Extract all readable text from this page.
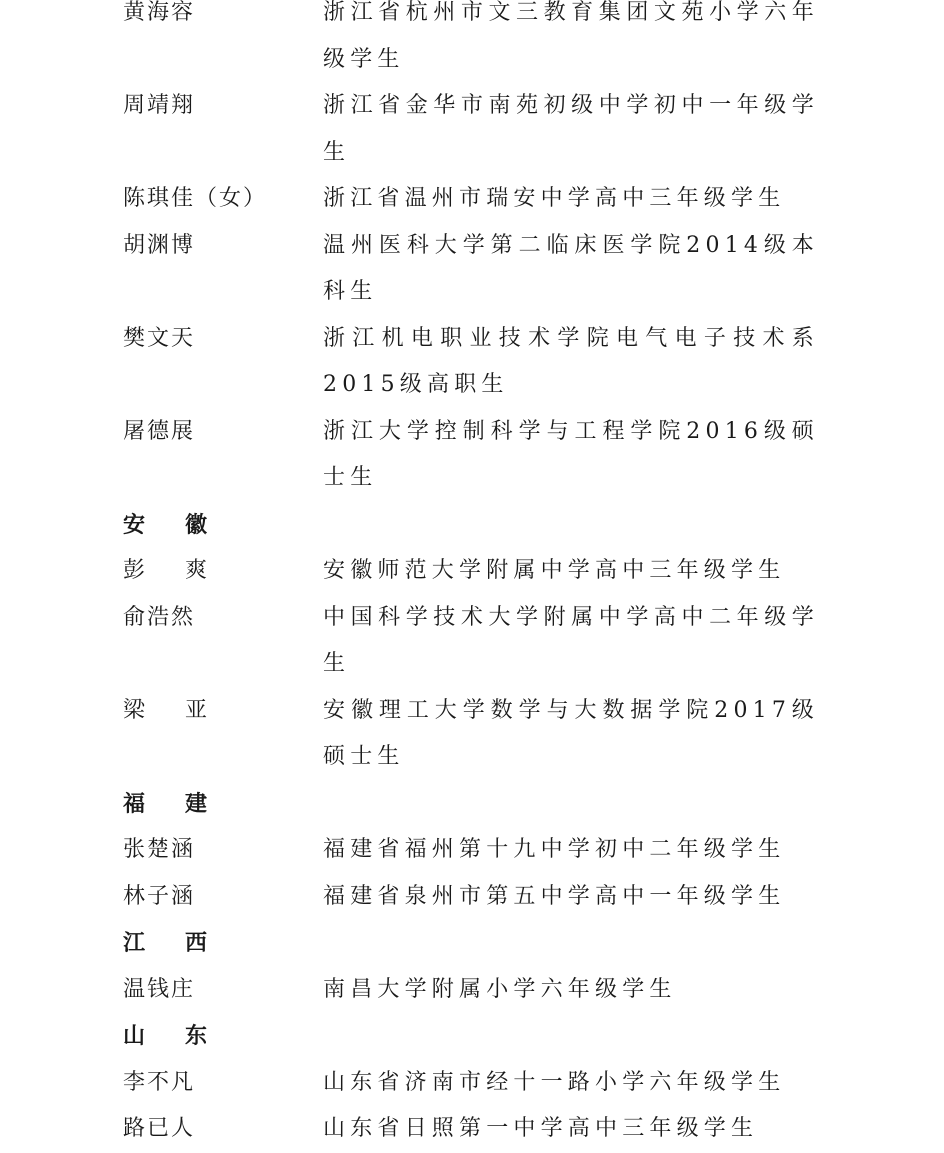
黄海容	浙江省杭州市文三教育集团文苑小学六年级学生
周靖翔	浙江省金华市南苑初级中学初中一年级学生
陈琪佳（女）	浙江省温州市瑞安中学高中三年级学生
胡渊博	温州医科大学第二临床医学院2014级本科生
樊文天	浙江机电职业技术学院电气电子技术系2015级高职生
屠德展	浙江大学控制科学与工程学院2016级硕士生
安 徽
彭 爽	安徽师范大学附属中学高中三年级学生
俞浩然	中国科学技术大学附属中学高中二年级学生
梁 亚	安徽理工大学数学与大数据学院2017级硕士生
福 建
张楚涵	福建省福州第十九中学初中二年级学生
林子涵	福建省泉州市第五中学高中一年级学生
江 西
温钱庄	南昌大学附属小学六年级学生
山 东
李不凡	山东省济南市经十一路小学六年级学生
路已人	山东省日照第一中学高中三年级学生
